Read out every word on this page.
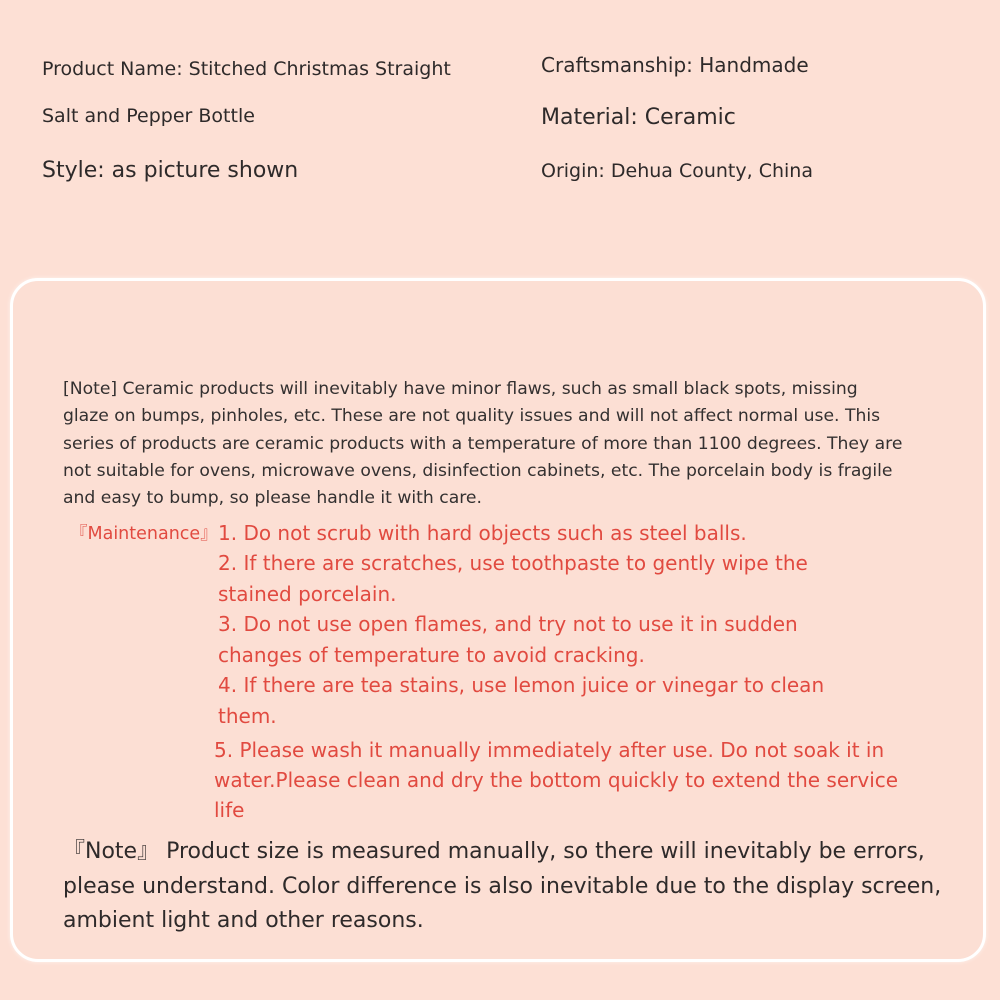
Product Name: Stitched Christmas Straight
Salt and Pepper Bottle
Style: as picture shown
Craftsmanship: Handmade
Material: Ceramic
Origin: Dehua County, China

[Note] Ceramic products will inevitably have minor flaws, such as small black spots, missing glaze on bumps, pinholes, etc. These are not quality issues and will not affect normal use. This series of products are ceramic products with a temperature of more than 1100 degrees. They are not suitable for ovens, microwave ovens, disinfection cabinets, etc. The porcelain body is fragile and easy to bump, so please handle it with care.

『Maintenance』 1. Do not scrub with hard objects such as steel balls.

2. If there are scratches, use toothpaste to gently wipe the stained porcelain.

3. Do not use open flames, and try not to use it in sudden changes of temperature to avoid cracking.

4. If there are tea stains, use lemon juice or vinegar to clean them.

5. Please wash it manually immediately after use. Do not soak it in water.Please clean and dry the bottom quickly to extend the service life

『Note』 Product size is measured manually, so there will inevitably be errors, please understand. Color difference is also inevitable due to the display screen, ambient light and other reasons.
